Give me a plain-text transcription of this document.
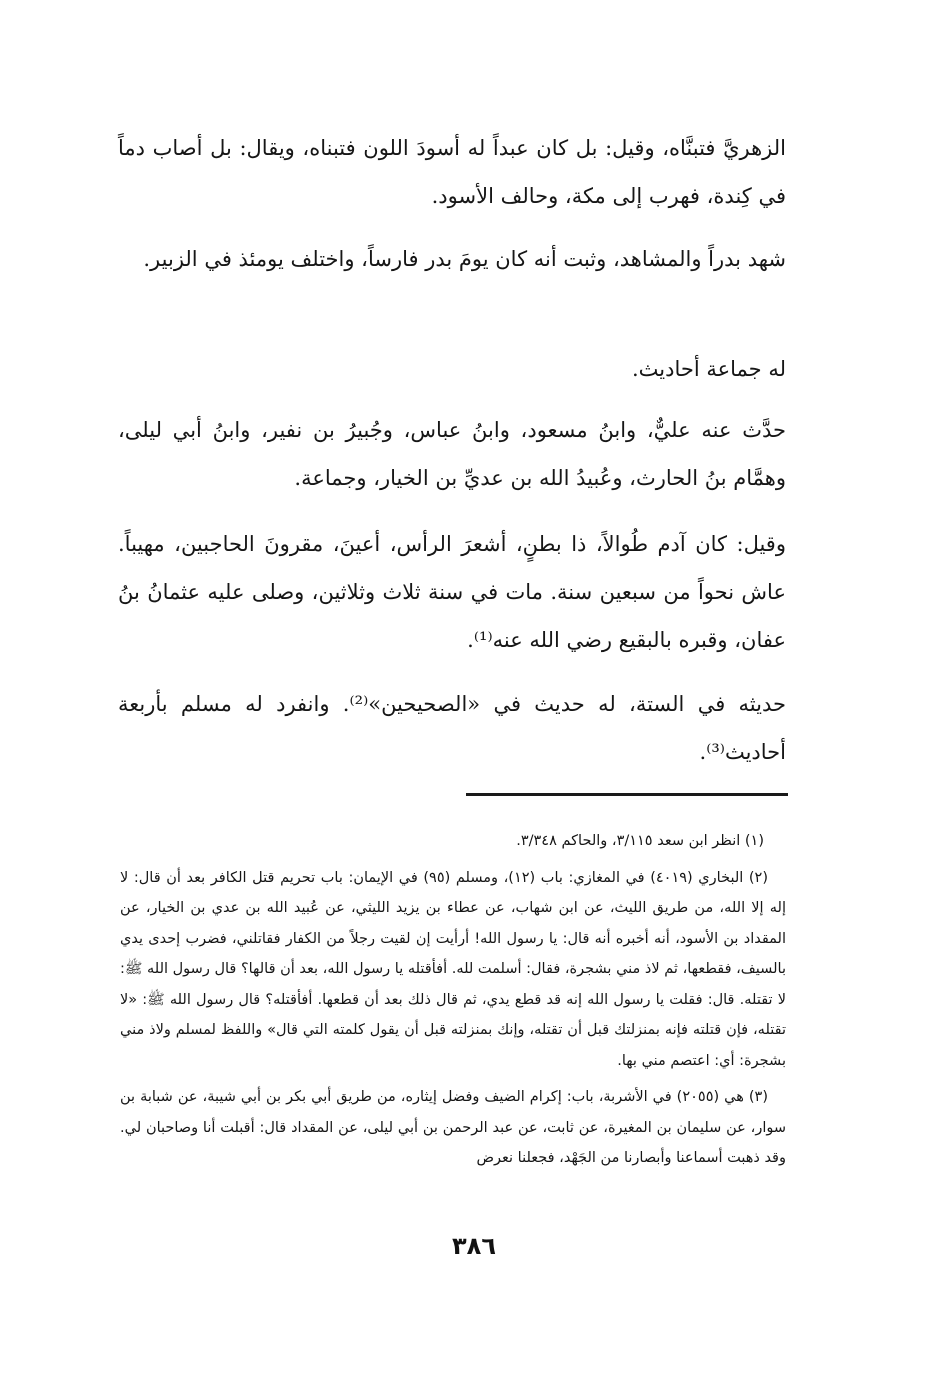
الزهريَّ فتبنَّاه، وقيل: بل كان عبداً له أسودَ اللون فتبناه، ويقال: بل أصاب دماً في كِندة، فهرب إلى مكة، وحالف الأسود.

شهد بدراً والمشاهد، وثبت أنه كان يومَ بدر فارساً، واختلف يومئذ في الزبير.

له جماعة أحاديث.

حدَّث عنه عليٌّ، وابنُ مسعود، وابنُ عباس، وجُبيرُ بن نفير، وابنُ أبي ليلى، وهمَّام بنُ الحارث، وعُبيدُ الله بن عديِّ بن الخيار، وجماعة.

وقيل: كان آدم طُوالاً، ذا بطنٍ، أشعرَ الرأس، أعينَ، مقرونَ الحاجبين، مهيباً. عاش نحواً من سبعين سنة. مات في سنة ثلاث وثلاثين، وصلى عليه عثمانُ بنُ عفان، وقبره بالبقيع رضي الله عنه⁽¹⁾.

حديثه في الستة، له حديث في «الصحيحين»⁽²⁾. وانفرد له مسلم بأربعة أحاديث⁽³⁾.

(١) انظر ابن سعد ٣/١١٥، والحاكم ٣/٣٤٨.

(٢) البخاري (٤٠١٩) في المغازي: باب (١٢)، ومسلم (٩٥) في الإيمان: باب تحريم قتل الكافر بعد أن قال: لا إله إلا الله، من طريق الليث، عن ابن شهاب، عن عطاء بن يزيد الليثي، عن عُبيد الله بن عدي بن الخيار، عن المقداد بن الأسود، أنه أخبره أنه قال: يا رسول الله! أرأيت إن لقيت رجلاً من الكفار فقاتلني، فضرب إحدى يدي بالسيف، فقطعها، ثم لاذ مني بشجرة، فقال: أسلمت لله. أفأقتله يا رسول الله، بعد أن قالها؟ قال رسول الله ﷺ: لا تقتله. قال: فقلت يا رسول الله إنه قد قطع يدي، ثم قال ذلك بعد أن قطعها. أفأقتله؟ قال رسول الله ﷺ: «لا تقتله، فإن قتلته فإنه بمنزلتك قبل أن تقتله، وإنك بمنزلته قبل أن يقول كلمته التي قال» واللفظ لمسلم ولاذ مني بشجرة: أي: اعتصم مني بها.

(٣) هي (٢٠٥٥) في الأشربة، باب: إكرام الضيف وفضل إيثاره، من طريق أبي بكر بن أبي شيبة، عن شبابة بن سوار، عن سليمان بن المغيرة، عن ثابت، عن عبد الرحمن بن أبي ليلى، عن المقداد قال: أقبلت أنا وصاحبان لي. وقد ذهبت أسماعنا وأبصارنا من الجَهْد، فجعلنا نعرض

٣٨٦
